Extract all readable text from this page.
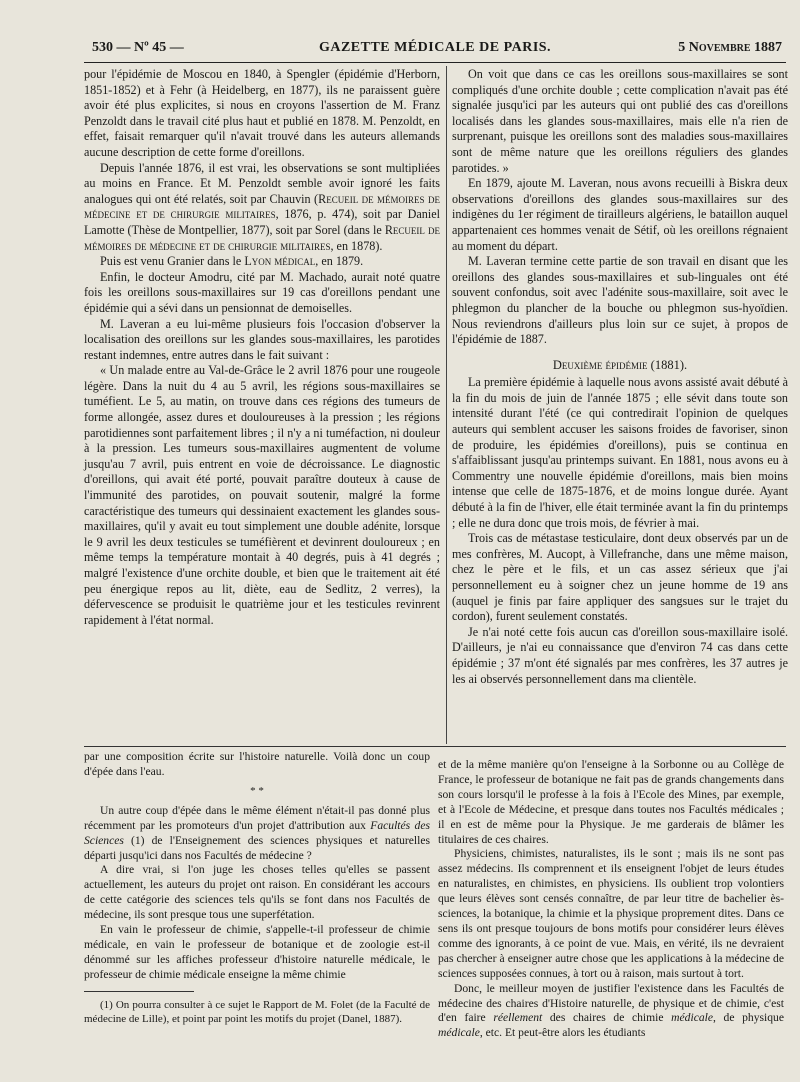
530 — Nº 45 —	GAZETTE MÉDICALE DE PARIS.	5 Novembre 1887

pour l'épidémie de Moscou en 1840, à Spengler (épidémie d'Herborn, 1851-1852) et à Fehr (à Heidelberg, en 1877), ils ne paraissent guère avoir été plus explicites, si nous en croyons l'assertion de M. Franz Penzoldt dans le travail cité plus haut et publié en 1878. M. Penzoldt, en effet, faisait remarquer qu'il n'avait trouvé dans les auteurs allemands aucune description de cette forme d'oreillons.

Depuis l'année 1876, il est vrai, les observations se sont multipliées au moins en France. Et M. Penzoldt semble avoir ignoré les faits analogues qui ont été relatés, soit par Chauvin (Recueil de mémoires de médecine et de chirurgie militaires, 1876, p. 474), soit par Daniel Lamotte (Thèse de Montpellier, 1877), soit par Sorel (dans le Recueil de mémoires de médecine et de chirurgie militaires, en 1878).

Puis est venu Granier dans le Lyon médical, en 1879.

Enfin, le docteur Amodru, cité par M. Machado, aurait noté quatre fois les oreillons sous-maxillaires sur 19 cas d'oreillons pendant une épidémie qui a sévi dans un pensionnat de demoiselles.

M. Laveran a eu lui-même plusieurs fois l'occasion d'observer la localisation des oreillons sur les glandes sous-maxillaires, les parotides restant indemnes, entre autres dans le fait suivant :

« Un malade entre au Val-de-Grâce le 2 avril 1876 pour une rougeole légère. Dans la nuit du 4 au 5 avril, les régions sous-maxillaires se tuméfient. Le 5, au matin, on trouve dans ces régions des tumeurs de forme allongée, assez dures et douloureuses à la pression ; les régions parotidiennes sont parfaitement libres ; il n'y a ni tuméfaction, ni douleur à la pression. Les tumeurs sous-maxillaires augmentent de volume jusqu'au 7 avril, puis entrent en voie de décroissance. Le diagnostic d'oreillons, qui avait été porté, pouvait paraître douteux à cause de l'immunité des parotides, on pouvait soutenir, malgré la forme caractéristique des tumeurs qui dessinaient exactement les glandes sous-maxillaires, qu'il y avait eu tout simplement une double adénite, lorsque le 9 avril les deux testicules se tuméfièrent et devinrent douloureux ; en même temps la température montait à 40 degrés, puis à 41 degrés ; malgré l'existence d'une orchite double, et bien que le traitement ait été peu énergique repos au lit, diète, eau de Sedlitz, 2 verres), la défervescence se produisit le quatrième jour et les testicules revinrent rapidement à l'état normal.

On voit que dans ce cas les oreillons sous-maxillaires se sont compliqués d'une orchite double ; cette complication n'avait pas été signalée jusqu'ici par les auteurs qui ont publié des cas d'oreillons localisés dans les glandes sous-maxillaires, mais elle n'a rien de surprenant, puisque les oreillons sont des maladies sous-maxillaires sont de même nature que les oreillons réguliers des glandes parotides. »

En 1879, ajoute M. Laveran, nous avons recueilli à Biskra deux observations d'oreillons des glandes sous-maxillaires sur des indigènes du 1er régiment de tirailleurs algériens, le bataillon auquel appartenaient ces hommes venait de Sétif, où les oreillons régnaient au moment du départ.

M. Laveran termine cette partie de son travail en disant que les oreillons des glandes sous-maxillaires et sub-linguales ont été souvent confondus, soit avec l'adénite sous-maxillaire, soit avec le phlegmon du plancher de la bouche ou phlegmon sus-hyoïdien. Nous reviendrons d'ailleurs plus loin sur ce sujet, à propos de l'épidémie de 1887.

Deuxième épidémie (1881).

La première épidémie à laquelle nous avons assisté avait débuté à la fin du mois de juin de l'année 1875 ; elle sévit dans toute son intensité durant l'été (ce qui contredirait l'opinion de quelques auteurs qui semblent accuser les saisons froides de favoriser, sinon de produire, les épidémies d'oreillons), puis se continua en s'affaiblissant jusqu'au printemps suivant. En 1881, nous avons eu à Commentry une nouvelle épidémie d'oreillons, mais bien moins intense que celle de 1875-1876, et de moins longue durée. Ayant débuté à la fin de l'hiver, elle était terminée avant la fin du printemps ; elle ne dura donc que trois mois, de février à mai.

Trois cas de métastase testiculaire, dont deux observés par un de mes confrères, M. Aucopt, à Villefranche, dans une même maison, chez le père et le fils, et un cas assez sérieux que j'ai personnellement eu à soigner chez un jeune homme de 19 ans (auquel je finis par faire appliquer des sangsues sur le trajet du cordon), furent seulement constatés.

Je n'ai noté cette fois aucun cas d'oreillon sous-maxillaire isolé. D'ailleurs, je n'ai eu connaissance que d'environ 74 cas dans cette épidémie ; 37 m'ont été signalés par mes confrères, les 37 autres je les ai observés personnellement dans ma clientèle.

par une composition écrite sur l'histoire naturelle. Voilà donc un coup d'épée dans l'eau.

* *

Un autre coup d'épée dans le même élément n'était-il pas donné plus récemment par les promoteurs d'un projet d'attribution aux Facultés des Sciences (1) de l'Enseignement des sciences physiques et naturelles départi jusqu'ici dans nos Facultés de médecine ?

A dire vrai, si l'on juge les choses telles qu'elles se passent actuellement, les auteurs du projet ont raison. En considérant les accours de cette catégorie des sciences tels qu'ils se font dans nos Facultés de médecine, ils sont presque tous une superfétation.

En vain le professeur de chimie, s'appelle-t-il professeur de chimie médicale, en vain le professeur de botanique et de zoologie est-il dénommé sur les affiches professeur d'histoire naturelle médicale, le professeur de chimie médicale enseigne la même chimie

(1) On pourra consulter à ce sujet le Rapport de M. Folet (de la Faculté de médecine de Lille), et point par point les motifs du projet (Danel, 1887).

et de la même manière qu'on l'enseigne à la Sorbonne ou au Collège de France, le professeur de botanique ne fait pas de grands changements dans son cours lorsqu'il le professe à la fois à l'Ecole des Mines, par exemple, et à l'Ecole de Médecine, et presque dans toutes nos Facultés médicales ; il en est de même pour la Physique. Je me garderais de blâmer les titulaires de ces chaires.

Physiciens, chimistes, naturalistes, ils le sont ; mais ils ne sont pas assez médecins. Ils comprennent et ils enseignent l'objet de leurs études en naturalistes, en chimistes, en physiciens. Ils oublient trop volontiers que leurs élèves sont censés connaître, de par leur titre de bachelier ès-sciences, la botanique, la chimie et la physique proprement dites. Dans ce sens ils ont presque toujours de bons motifs pour considérer leurs élèves comme des ignorants, à ce point de vue. Mais, en vérité, ils ne devraient pas chercher à enseigner autre chose que les applications à la médecine de sciences supposées connues, à tort ou à raison, mais surtout à tort.

Donc, le meilleur moyen de justifier l'existence dans les Facultés de médecine des chaires d'Histoire naturelle, de physique et de chimie, c'est d'en faire réellement des chaires de chimie médicale, de physique médicale, etc. Et peut-être alors les étudiants
